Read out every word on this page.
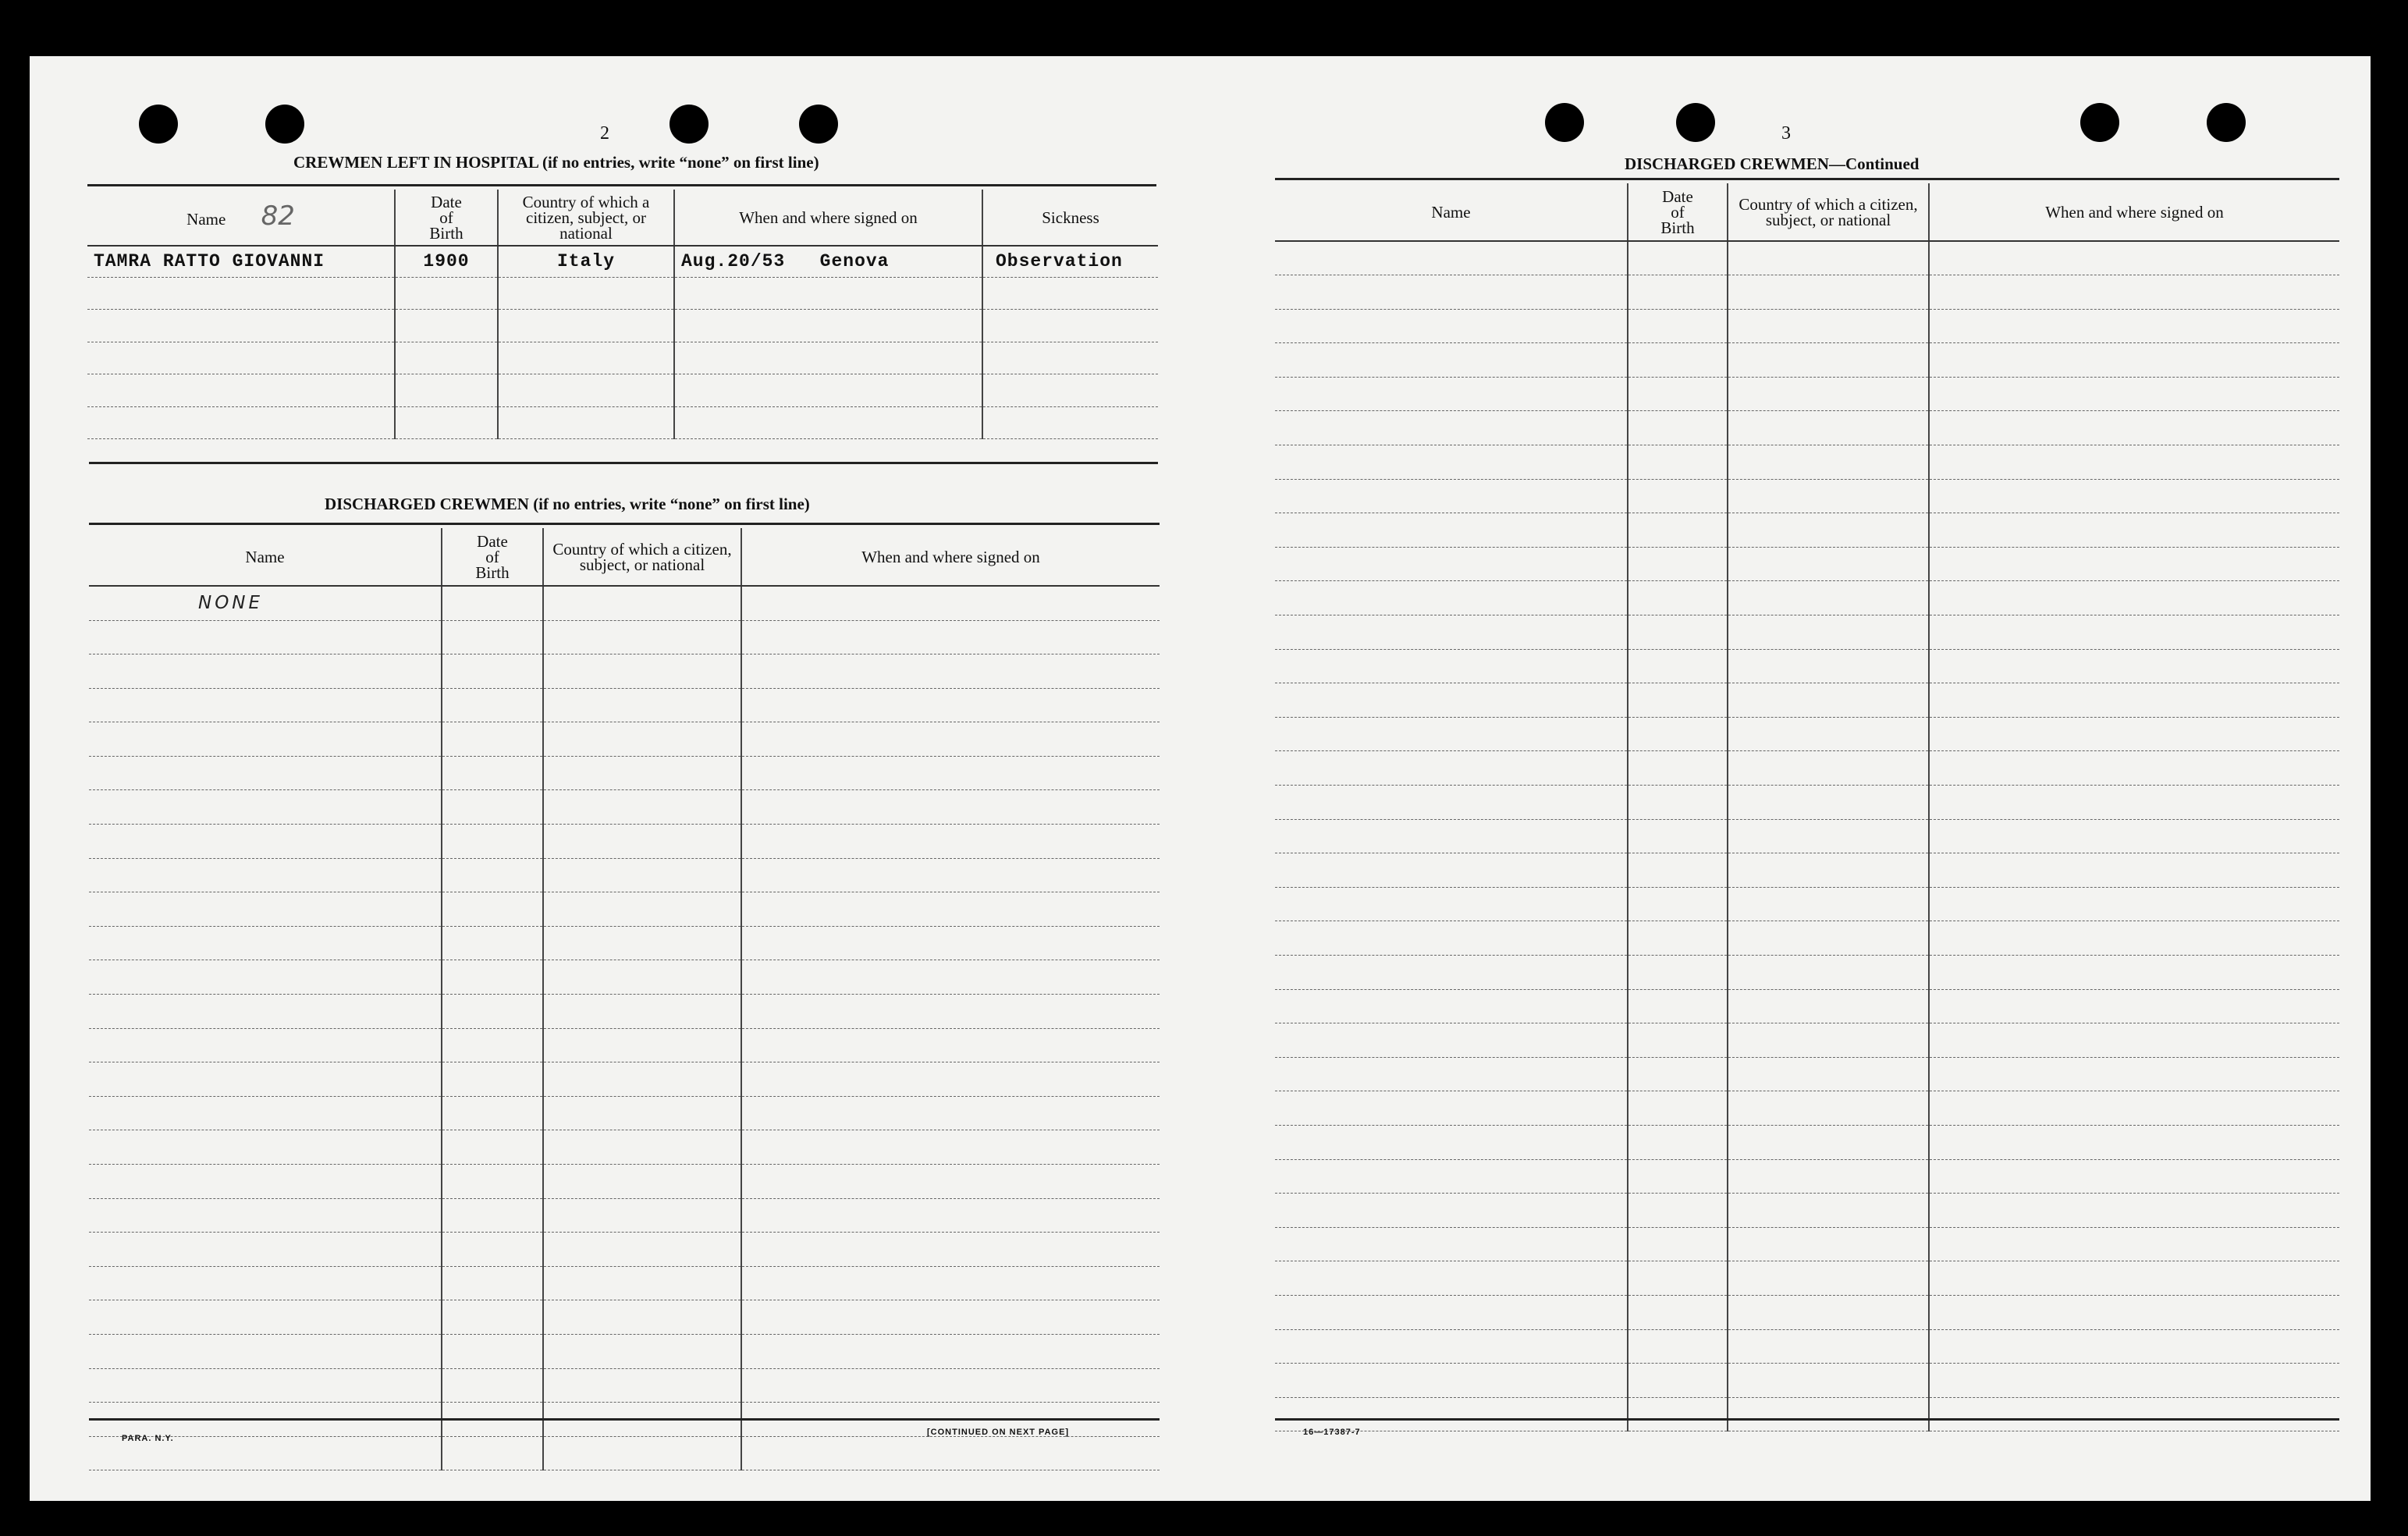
2
CREWMEN LEFT IN HOSPITAL (if no entries, write “none” on first line)
Name 82	Date of Birth	Country of which a citizen, subject, or national	When and where signed on	Sickness

TAMRA RATTO GIOVANNI	1900	Italy	Aug.20/53 Genova	Observation

DISCHARGED CREWMEN (if no entries, write “none” on first line)
Name	Date of Birth	Country of which a citizen, subject, or national	When and where signed on

NONE			

PARA. N.Y.
[CONTINUED ON NEXT PAGE]
3
DISCHARGED CREWMEN—Continued
Name	Date of Birth	Country of which a citizen, subject, or national	When and where signed on

16—17387-7
